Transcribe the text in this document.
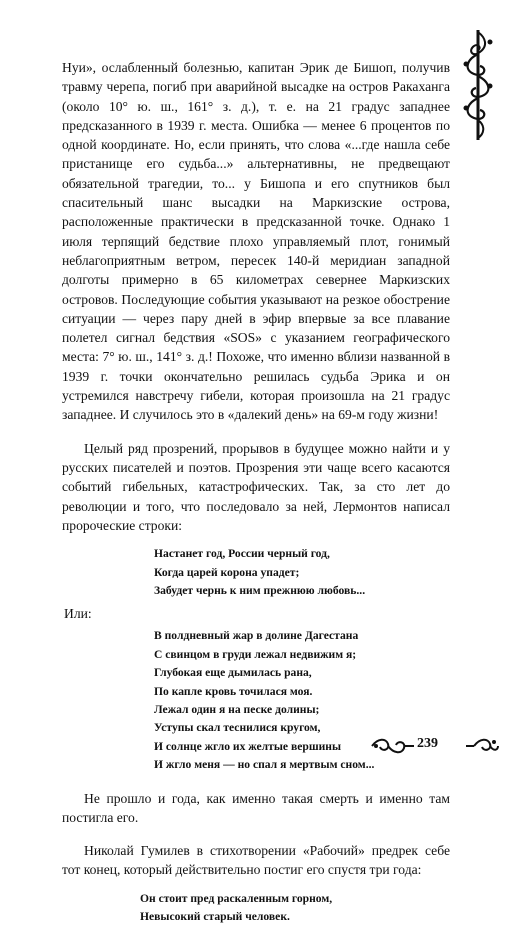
Нуи», ослабленный болезнью, капитан Эрик де Бишоп, получив травму черепа, погиб при аварийной высадке на остров Ракаханга (около 10° ю. ш., 161° з. д.), т. е. на 21 градус западнее предсказанного в 1939 г. места. Ошибка — менее 6 процентов по одной координате. Но, если принять, что слова «...где нашла себе пристанище его судьба...» альтернативны, не предвещают обязательной трагедии, то... у Бишопа и его спутников был спасительный шанс высадки на Маркизские острова, расположенные практически в предсказанной точке. Однако 1 июля терпящий бедствие плохо управляемый плот, гонимый неблагоприятным ветром, пересек 140-й меридиан западной долготы примерно в 65 километрах севернее Маркизских островов. Последующие события указывают на резкое обострение ситуации — через пару дней в эфир впервые за все плавание полетел сигнал бедствия «SOS» с указанием географического места: 7° ю. ш., 141° з. д.! Похоже, что именно вблизи названной в 1939 г. точки окончательно решилась судьба Эрика и он устремился навстречу гибели, которая произошла на 21 градус западнее. И случилось это в «далекий день» на 69-м году жизни!

Целый ряд прозрений, прорывов в будущее можно найти и у русских писателей и поэтов. Прозрения эти чаще всего касаются событий гибельных, катастрофических. Так, за сто лет до революции и того, что последовало за ней, Лермонтов написал пророческие строки:

Настанет год, России черный год,
Когда царей корона упадет;
Забудет чернь к ним прежнюю любовь...
Или:
В полдневный жар в долине Дагестана
С свинцом в груди лежал недвижим я;
Глубокая еще дымилась рана,
По капле кровь точилася моя.
Лежал один я на песке долины;
Уступы скал теснилися кругом,
И солнце жгло их желтые вершины
И жгло меня — но спал я мертвым сном...

Не прошло и года, как именно такая смерть и именно там постигла его.

Николай Гумилев в стихотворении «Рабочий» предрек себе тот конец, который действительно постиг его спустя три года:

Он стоит пред раскаленным горном,
Невысокий старый человек.
239
